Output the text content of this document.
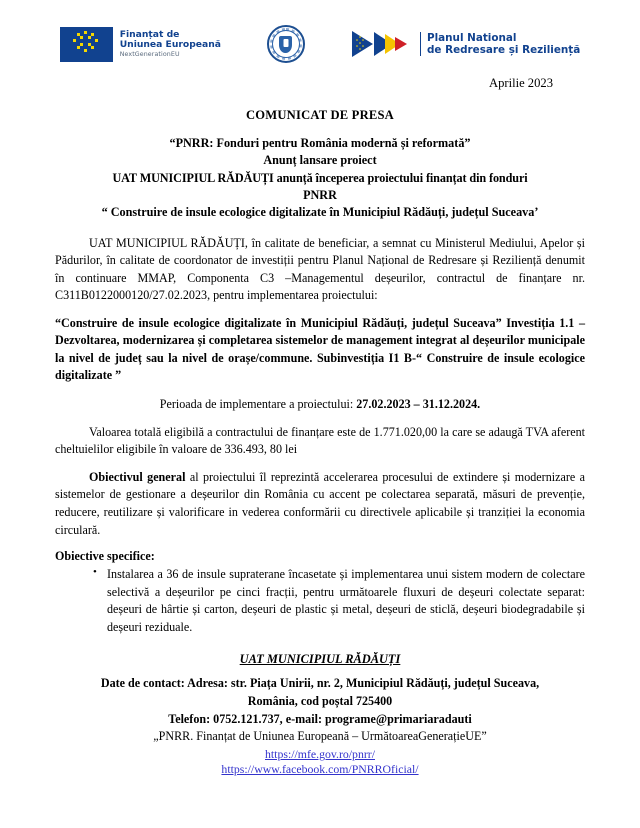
Finanțat de
Uniunea Europeană
NextGenerationEU
Planul National
de Redresare și Reziliență
Aprilie 2023
COMUNICAT DE PRESA
“PNRR: Fonduri pentru România modernă și reformată”
Anunț lansare proiect
UAT MUNICIPIUL RĂDĂUȚI anunță începerea proiectului finanțat din fonduri
PNRR
“ Construire de insule ecologice digitalizate în Municipiul Rădăuți, județul Suceava’

UAT MUNICIPIUL RĂDĂUȚI, în calitate de beneficiar, a semnat cu Ministerul Mediului, Apelor și Pădurilor, în calitate de coordonator de investiții pentru Planul Național de Redresare și Reziliență denumit în continuare MMAP, Componenta C3 –Managementul deșeurilor, contractul de finanțare nr. C311B0122000120/27.02.2023, pentru implementarea proiectului:

“Construire de insule ecologice digitalizate în Municipiul Rădăuți, județul Suceava” Investiția 1.1 – Dezvoltarea, modernizarea și completarea sistemelor de management integrat al deșeurilor municipale la nivel de județ sau la nivel de orașe/commune. Subinvestiția I1 B-“ Construire de insule ecologice digitalizate ”

Perioada de implementare a proiectului: 27.02.2023 – 31.12.2024.

Valoarea totală eligibilă a contractului de finanțare este de 1.771.020,00 la care se adaugă TVA aferent cheltuielilor eligibile în valoare de 336.493, 80 lei

Obiectivul general al proiectului îl reprezintă accelerarea procesului de extindere și modernizare a sistemelor de gestionare a deșeurilor din România cu accent pe colectarea separată, măsuri de prevenție, reducere, reutilizare și valorificare in vederea conformării cu directivele aplicabile și tranziției la economia circulară.

Obiective specifice:
• Instalarea a 36 de insule supraterane încasetate și implementarea unui sistem modern de colectare selectivă a deșeurilor pe cinci fracții, pentru următoarele fluxuri de deșeuri colectate separat: deșeuri de hârtie și carton, deșeuri de plastic și metal, deșeuri de sticlă, deșeuri biodegradabile și deșeuri reziduale.
UAT MUNICIPIUL RĂDĂUȚI
Date de contact: Adresa: str. Piața Unirii, nr. 2, Municipiul Rădăuți, județul Suceava,
România, cod poștal 725400
Telefon: 0752.121.737, e-mail: programe@primariaradauti
„PNRR. Finanțat de Uniunea Europeană – UrmătoareaGenerațieUE”
https://mfe.gov.ro/pnrr/
https://www.facebook.com/PNRROficial/
